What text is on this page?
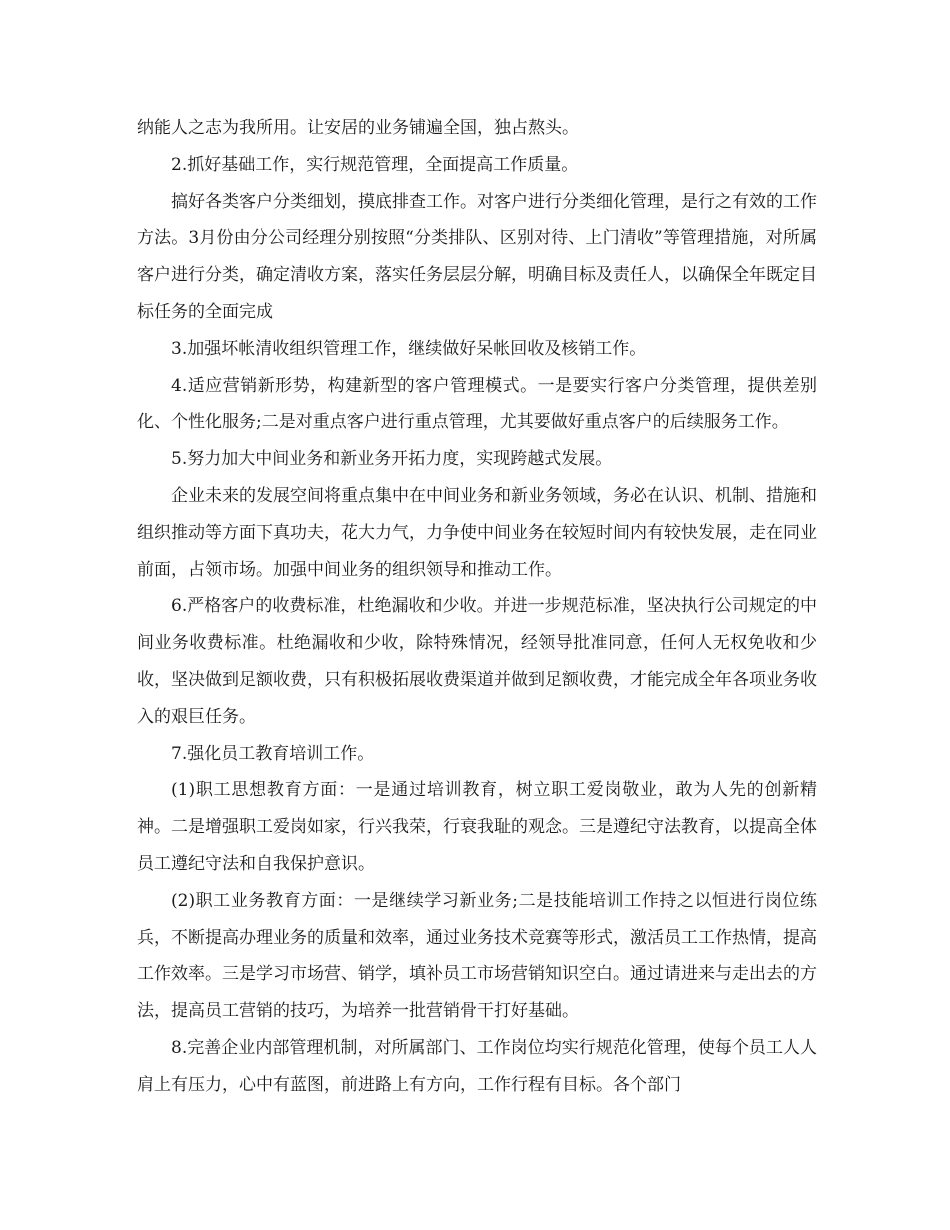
纳能人之志为我所用。让安居的业务铺遍全国，独占熬头。

2.抓好基础工作，实行规范管理，全面提高工作质量。

搞好各类客户分类细划，摸底排查工作。对客户进行分类细化管理，是行之有效的工作方法。3月份由分公司经理分别按照“分类排队、区别对待、上门清收”等管理措施，对所属客户进行分类，确定清收方案，落实任务层层分解，明确目标及责任人，以确保全年既定目标任务的全面完成

3.加强坏帐清收组织管理工作，继续做好呆帐回收及核销工作。

4.适应营销新形势，构建新型的客户管理模式。一是要实行客户分类管理，提供差别化、个性化服务;二是对重点客户进行重点管理，尤其要做好重点客户的后续服务工作。

5.努力加大中间业务和新业务开拓力度，实现跨越式发展。

企业未来的发展空间将重点集中在中间业务和新业务领域，务必在认识、机制、措施和组织推动等方面下真功夫，花大力气，力争使中间业务在较短时间内有较快发展，走在同业前面，占领市场。加强中间业务的组织领导和推动工作。

6.严格客户的收费标准，杜绝漏收和少收。并进一步规范标准，坚决执行公司规定的中间业务收费标准。杜绝漏收和少收，除特殊情况，经领导批准同意，任何人无权免收和少收，坚决做到足额收费，只有积极拓展收费渠道并做到足额收费，才能完成全年各项业务收入的艰巨任务。

7.强化员工教育培训工作。

(1)职工思想教育方面：一是通过培训教育，树立职工爱岗敬业，敢为人先的创新精神。二是增强职工爱岗如家，行兴我荣，行衰我耻的观念。三是遵纪守法教育，以提高全体员工遵纪守法和自我保护意识。

(2)职工业务教育方面：一是继续学习新业务;二是技能培训工作持之以恒进行岗位练兵，不断提高办理业务的质量和效率，通过业务技术竞赛等形式，激活员工工作热情，提高工作效率。三是学习市场营、销学，填补员工市场营销知识空白。通过请进来与走出去的方法，提高员工营销的技巧，为培养一批营销骨干打好基础。

8.完善企业内部管理机制，对所属部门、工作岗位均实行规范化管理，使每个员工人人肩上有压力，心中有蓝图，前进路上有方向，工作行程有目标。各个部门
